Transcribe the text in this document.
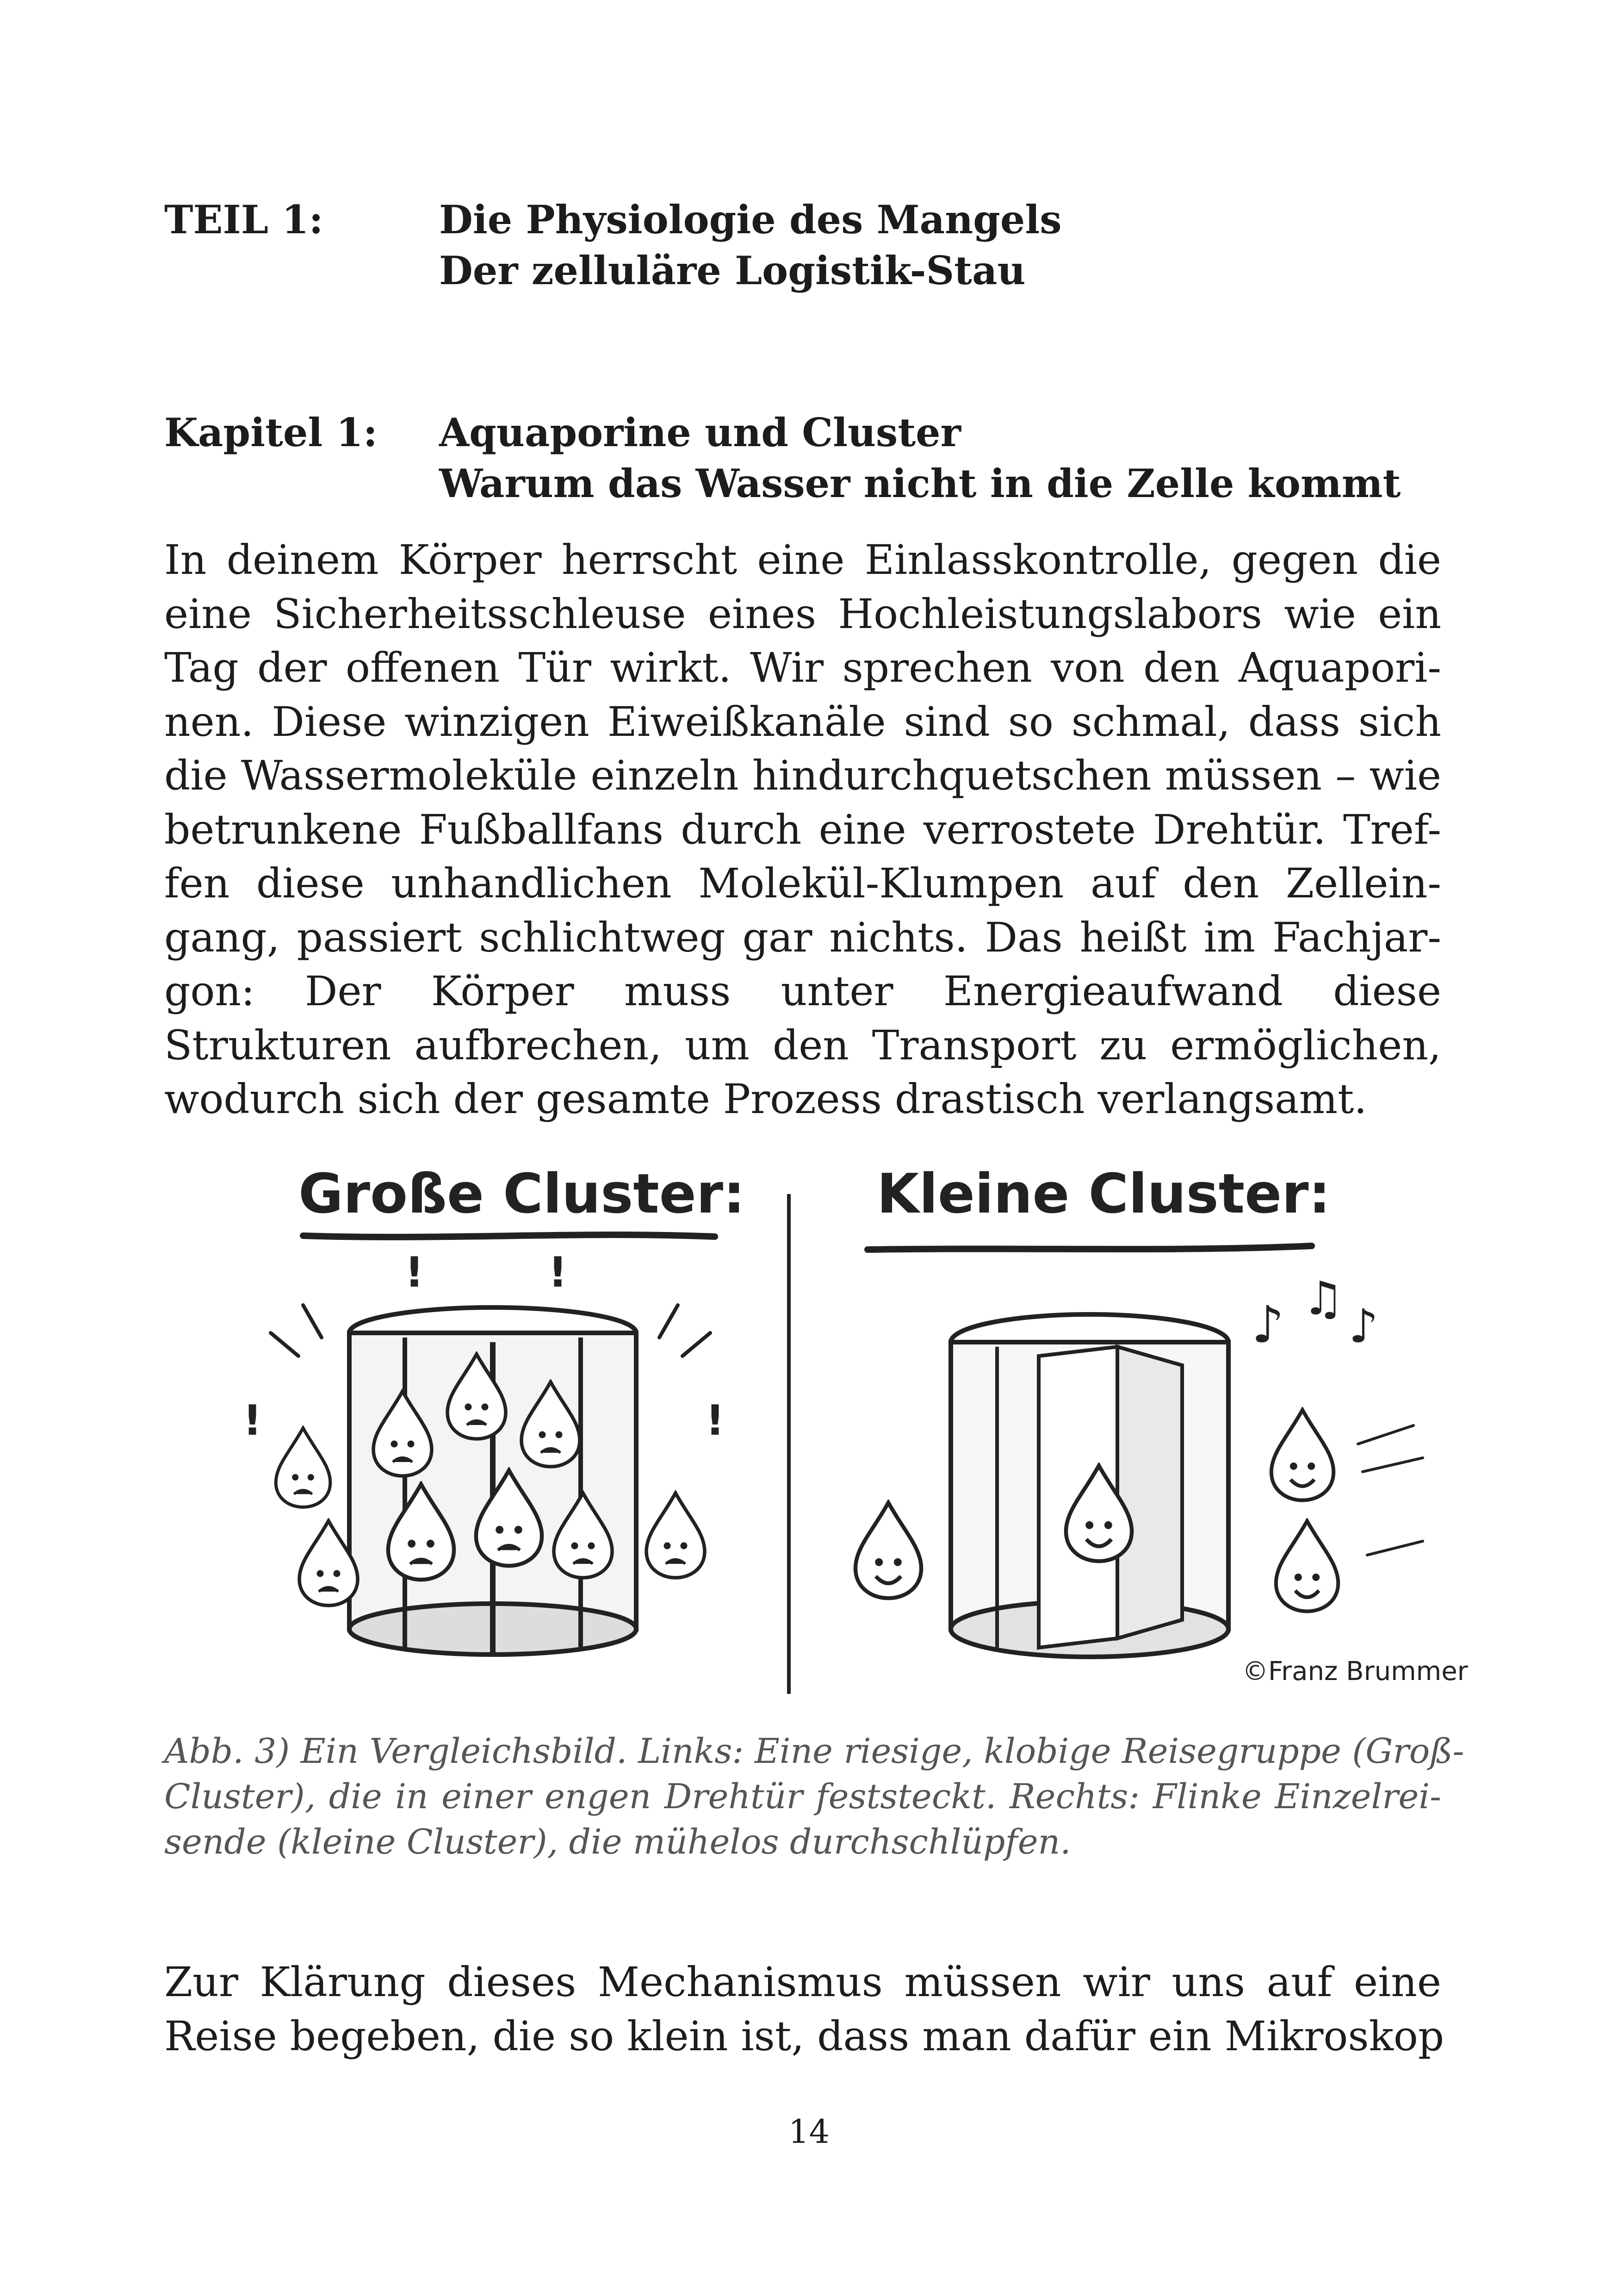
TEIL 1:	Die Physiologie des Mangels
Der zelluläre Logistik-Stau
Kapitel 1: Aquaporine und Cluster
Warum das Wasser nicht in die Zelle kommt
In deinem Körper herrscht eine Einlasskontrolle, gegen die
eine Sicherheitsschleuse eines Hochleistungslabors wie ein
Tag der offenen Tür wirkt. Wir sprechen von den Aquapori-
nen. Diese winzigen Eiweißkanäle sind so schmal, dass sich
die Wassermoleküle einzeln hindurchquetschen müssen – wie
betrunkene Fußballfans durch eine verrostete Drehtür. Tref-
fen diese unhandlichen Molekül-Klumpen auf den Zellein-
gang, passiert schlichtweg gar nichts. Das heißt im Fachjar-
gon: Der Körper muss unter Energieaufwand diese
Strukturen aufbrechen, um den Transport zu ermöglichen,
wodurch sich der gesamte Prozess drastisch verlangsamt.
Große Cluster:
!	!
!	!
Kleine Cluster:
♪ ♫
♪
©Franz Brummer
Abb. 3) Ein Vergleichsbild. Links: Eine riesige, klobige Reisegruppe (Groß-
Cluster), die in einer engen Drehtür feststeckt. Rechts: Flinke Einzelrei-
sende (kleine Cluster), die mühelos durchschlüpfen.
Zur Klärung dieses Mechanismus müssen wir uns auf eine
Reise begeben, die so klein ist, dass man dafür ein Mikroskop
14
